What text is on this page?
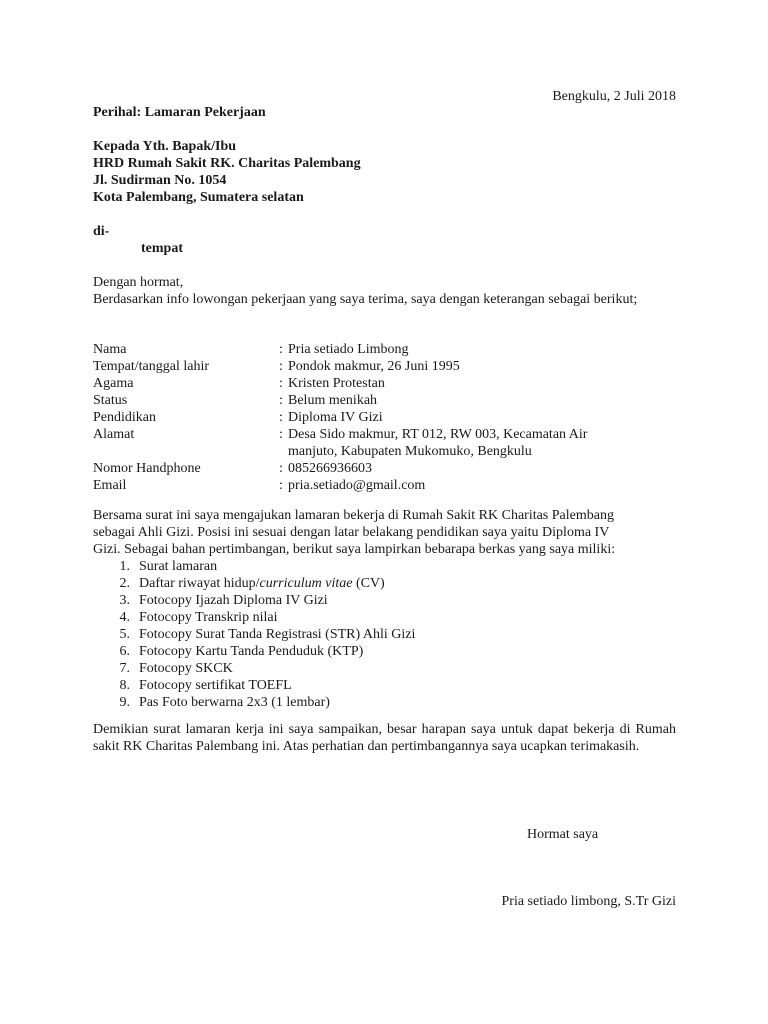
Bengkulu, 2 Juli 2018
Perihal: Lamaran Pekerjaan
Kepada Yth. Bapak/Ibu
HRD Rumah Sakit RK. Charitas Palembang
Jl. Sudirman No. 1054
Kota Palembang, Sumatera selatan
di-
tempat
Dengan hormat,
Berdasarkan info lowongan pekerjaan yang saya terima, saya dengan keterangan sebagai berikut;
Nama	: Pria setiado Limbong
Tempat/tanggal lahir	: Pondok makmur, 26 Juni 1995
Agama	: Kristen Protestan
Status	: Belum menikah
Pendidikan	: Diploma IV Gizi
Alamat	: Desa Sido makmur, RT 012, RW 003, Kecamatan Air
manjuto, Kabupaten Mukomuko, Bengkulu
Nomor Handphone	: 085266936603
Email	: pria.setiado@gmail.com
Bersama surat ini saya mengajukan lamaran bekerja di Rumah Sakit RK Charitas Palembang
sebagai Ahli Gizi. Posisi ini sesuai dengan latar belakang pendidikan saya yaitu Diploma IV
Gizi. Sebagai bahan pertimbangan, berikut saya lampirkan bebarapa berkas yang saya miliki:
1. Surat lamaran
2. Daftar riwayat hidup/curriculum vitae (CV)
3. Fotocopy Ijazah Diploma IV Gizi
4. Fotocopy Transkrip nilai
5. Fotocopy Surat Tanda Registrasi (STR) Ahli Gizi
6. Fotocopy Kartu Tanda Penduduk (KTP)
7. Fotocopy SKCK
8. Fotocopy sertifikat TOEFL
9. Pas Foto berwarna 2x3 (1 lembar)
Demikian surat lamaran kerja ini saya sampaikan, besar harapan saya untuk dapat bekerja di Rumah sakit RK Charitas Palembang ini. Atas perhatian dan pertimbangannya saya ucapkan terimakasih.
Hormat saya
Pria setiado limbong, S.Tr Gizi
